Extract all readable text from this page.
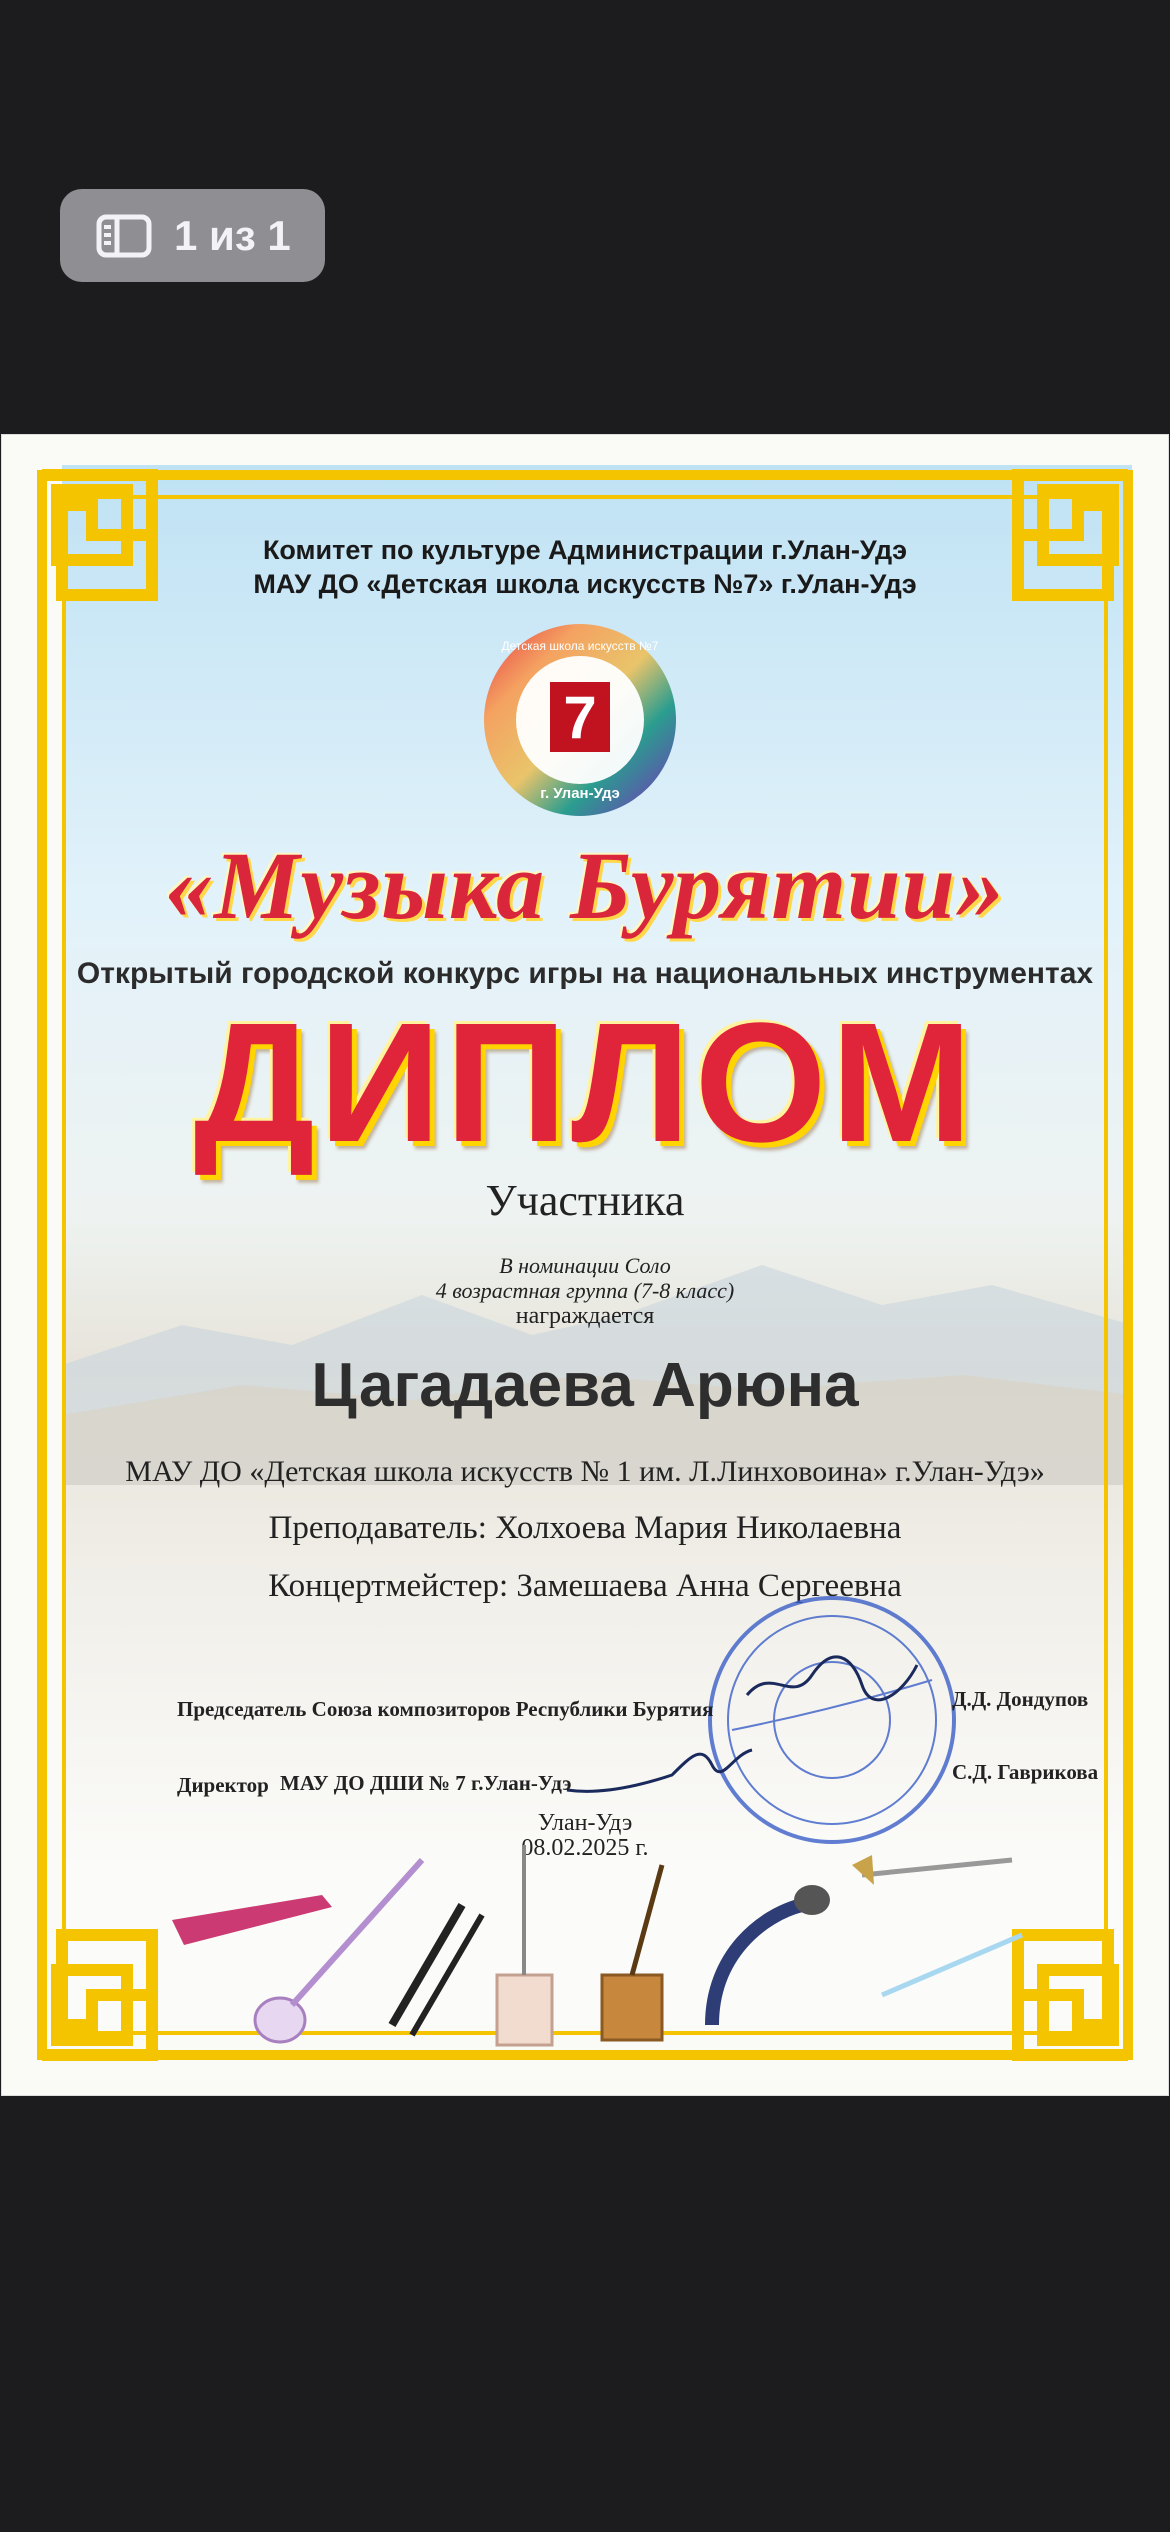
1 из 1
Комитет по культуре Администрации г.Улан-Удэ
МАУ ДО «Детская школа искусств №7» г.Улан-Удэ
7
г. Улан-Удэ
Детская школа искусств №7
«Музыка Бурятии»
Открытый городской конкурс игры на национальных инструментах
ДИПЛОМ
Участника
В номинации Соло
4 возрастная группа (7-8 класс)
награждается
Цагадаева Арюна
МАУ ДО «Детская школа искусств № 1 им. Л.Линховоина» г.Улан-Удэ»
Преподаватель: Холхоева Мария Николаевна
Концертмейстер: Замешаева Анна Сергеевна
Председатель Союза композиторов Республики Бурятия	Д.Д. Дондупов
Директор МАУ ДО ДШИ № 7 г.Улан-Удэ	С.Д. Гаврикова
Улан-Удэ
08.02.2025 г.
